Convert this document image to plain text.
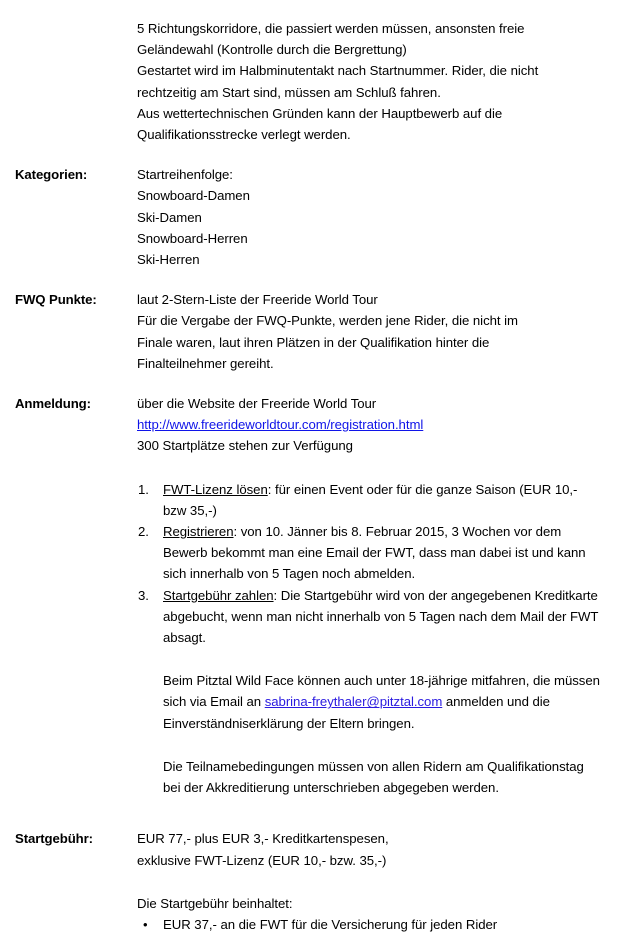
5 Richtungskorridore, die passiert werden müssen, ansonsten freie
Geländewahl (Kontrolle durch die Bergrettung)
Gestartet wird im Halbminutentakt nach Startnummer. Rider, die nicht
rechtzeitig am Start sind, müssen am Schluß fahren.
Aus wettertechnischen Gründen kann der Hauptbewerb auf die
Qualifikationsstrecke verlegt werden.
Kategorien:	Startreihenfolge:
Snowboard-Damen
Ski-Damen
Snowboard-Herren
Ski-Herren
FWQ Punkte:	laut 2-Stern-Liste der Freeride World Tour
Für die Vergabe der FWQ-Punkte, werden jene Rider, die nicht im
Finale waren, laut ihren Plätzen in der Qualifikation hinter die
Finalteilnehmer gereiht.
Anmeldung:	über die Website der Freeride World Tour
http://www.freerideworldtour.com/registration.html
300 Startplätze stehen zur Verfügung
1.	FWT-Lizenz lösen: für einen Event oder für die ganze Saison (EUR 10,- bzw 35,-)
2.	Registrieren: von 10. Jänner bis 8. Februar 2015, 3 Wochen vor dem Bewerb bekommt man eine Email der FWT, dass man dabei ist und kann sich innerhalb von 5 Tagen noch abmelden.
3.	Startgebühr zahlen: Die Startgebühr wird von der angegebenen Kreditkarte abgebucht, wenn man nicht innerhalb von 5 Tagen nach dem Mail der FWT absagt.
Beim Pitztal Wild Face können auch unter 18-jährige mitfahren, die müssen sich via Email an sabrina-freythaler@pitztal.com anmelden und die Einverständniserklärung der Eltern bringen.
Die Teilnamebedingungen müssen von allen Ridern am Qualifikationstag bei der Akkreditierung unterschrieben abgegeben werden.
Startgebühr:	EUR 77,- plus EUR 3,- Kreditkartenspesen,
exklusive FWT-Lizenz (EUR 10,- bzw. 35,-)
Die Startgebühr beinhaltet:
•	EUR 37,- an die FWT für die Versicherung für jeden Rider
